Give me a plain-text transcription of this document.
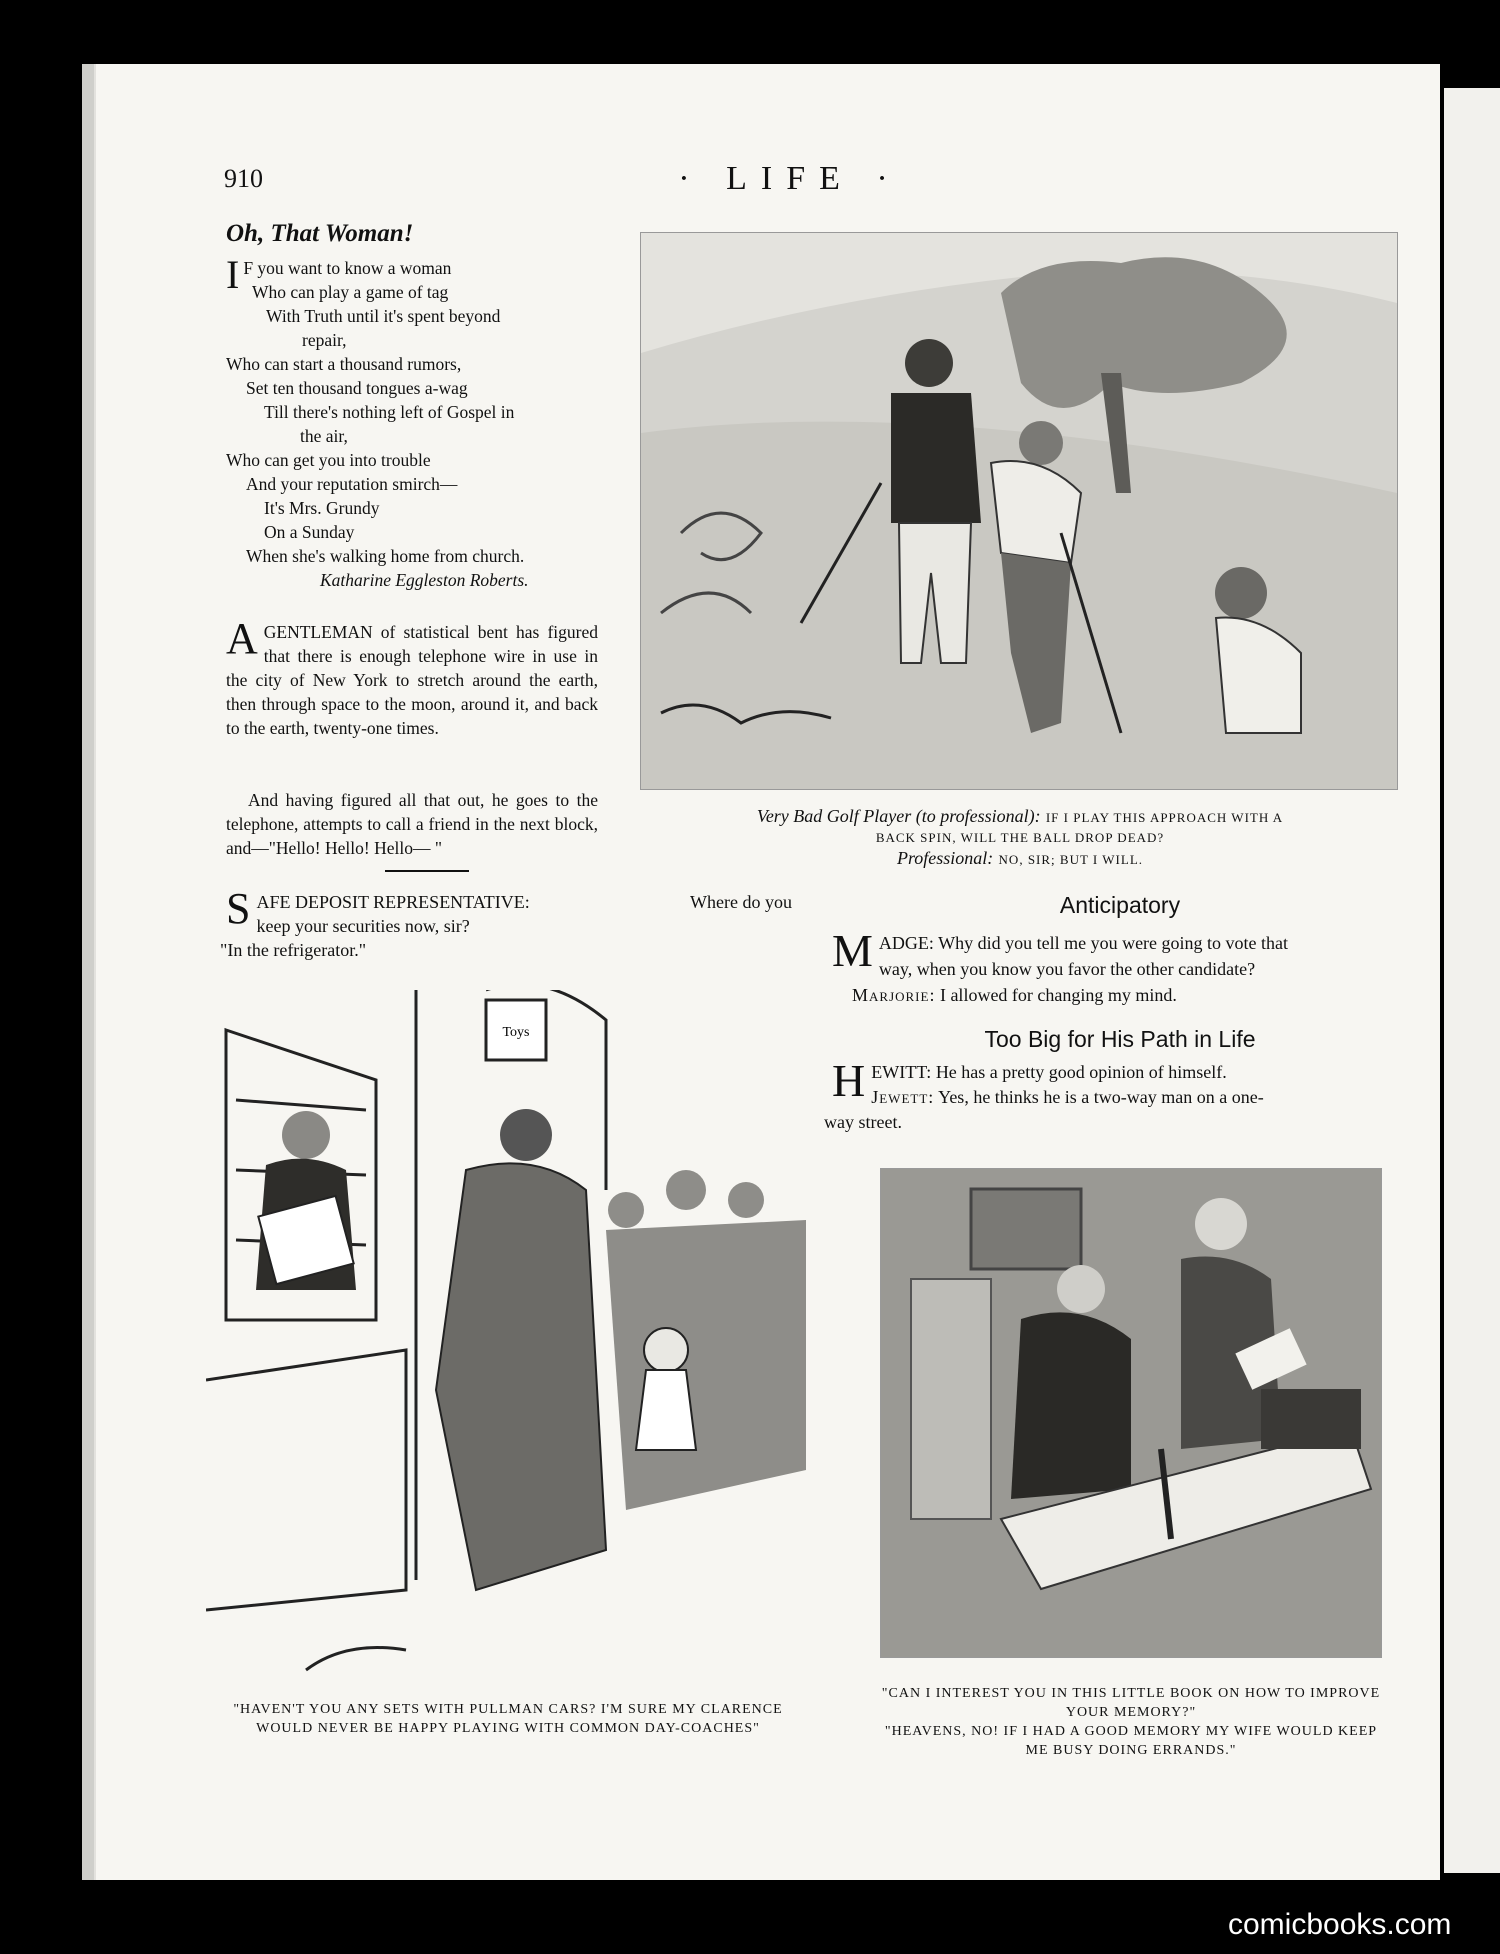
910	· LIFE ·
Oh, That Woman!
I F you want to know a woman
Who can play a game of tag
With Truth until it's spent beyond
repair,
Who can start a thousand rumors,
Set ten thousand tongues a-wag
Till there's nothing left of Gospel in
the air,
Who can get you into trouble
And your reputation smirch—
It's Mrs. Grundy
On a Sunday
When she's walking home from church.
Katharine Eggleston Roberts.
AGENTLEMAN of statistical bent has figured that there is enough telephone wire in use in the city of New York to stretch around the earth, then through space to the moon, around it, and back to the earth, twenty-one times.
And having figured all that out, he goes to the telephone, attempts to call a friend in the next block, and—"Hello! Hello! Hello— "
S AFE DEPOSIT REPRESENTATIVE:	Where do you
keep your securities now, sir?
"In the refrigerator."
Very Bad Golf Player (to professional): IF I PLAY THIS APPROACH WITH A
BACK SPIN, WILL THE BALL DROP DEAD?
Professional: NO, SIR; BUT I WILL.
Anticipatory
M ADGE: Why did you tell me you were going to vote that
way, when you know you favor the other candidate?
Marjorie: I allowed for changing my mind.
Too Big for His Path in Life
H EWITT: He has a pretty good opinion of himself.
Jewett: Yes, he thinks he is a two-way man on a one-
way street.
Toys
"HAVEN'T YOU ANY SETS WITH PULLMAN CARS? I'M SURE MY CLARENCE WOULD NEVER BE HAPPY PLAYING WITH COMMON DAY-COACHES"
"CAN I INTEREST YOU IN THIS LITTLE BOOK ON HOW TO IMPROVE YOUR MEMORY?"
"HEAVENS, NO! IF I HAD A GOOD MEMORY MY WIFE WOULD KEEP ME BUSY DOING ERRANDS."
comicbooks.com
